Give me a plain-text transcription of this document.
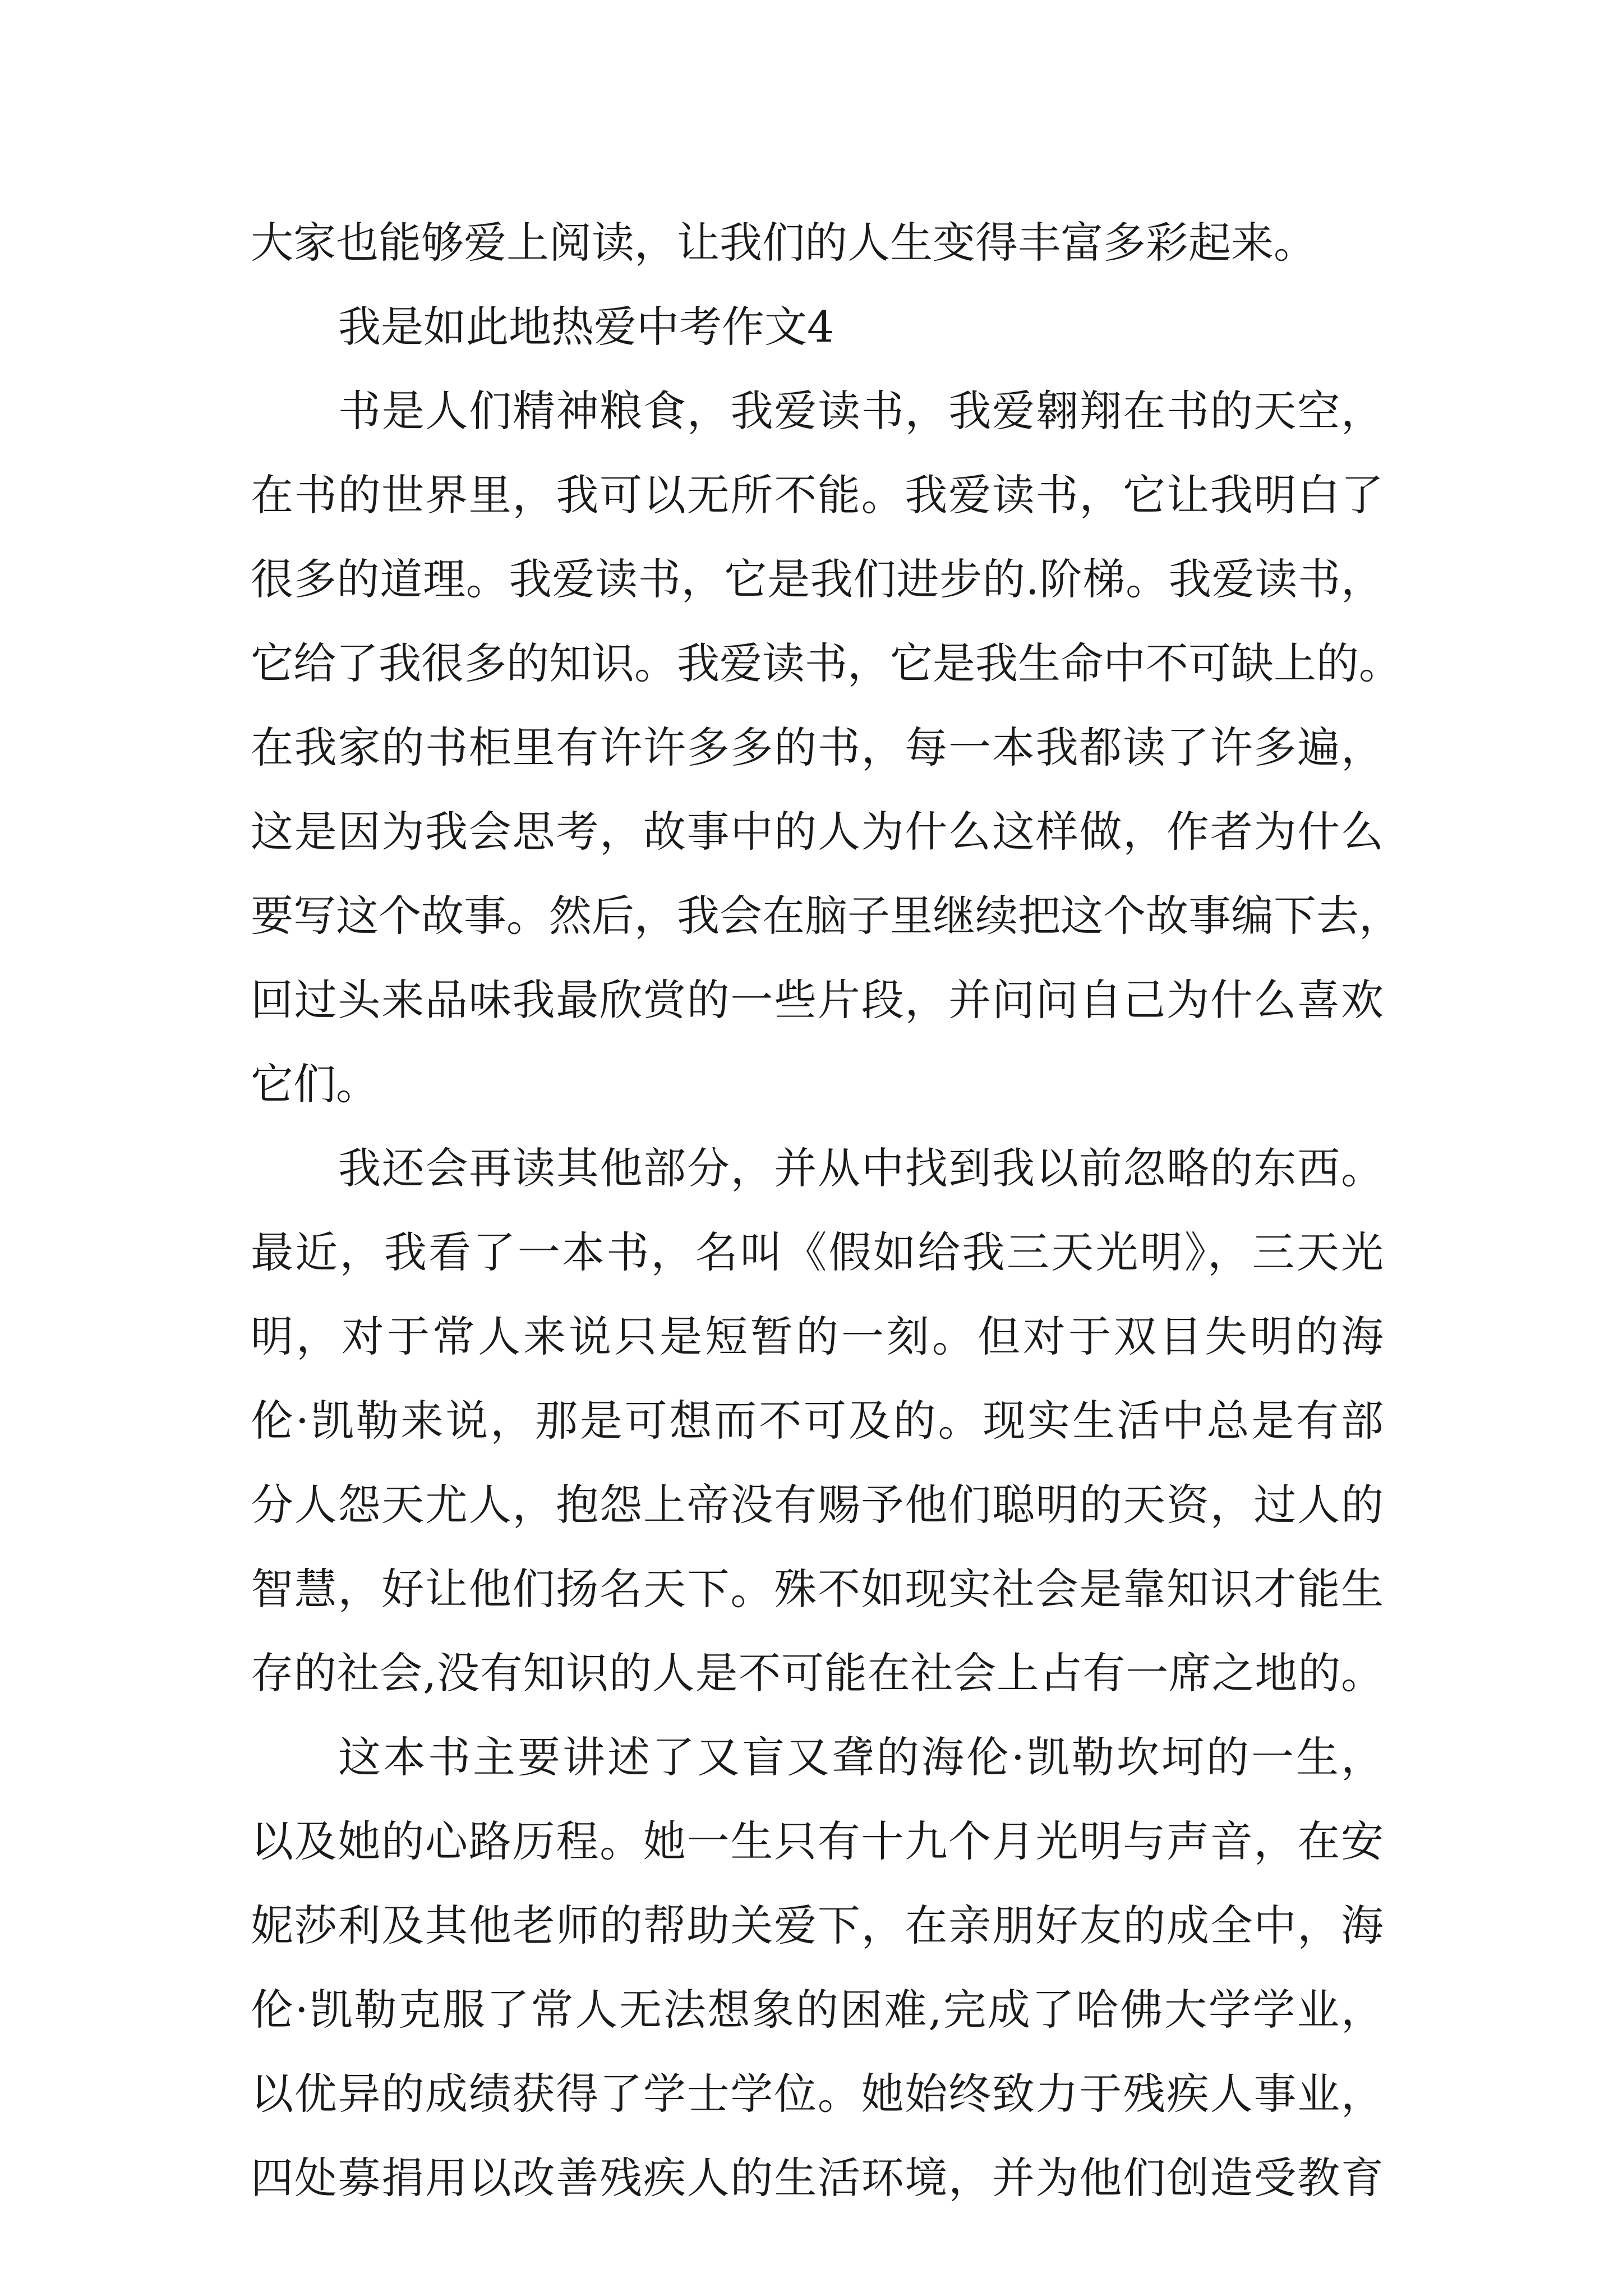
大家也能够爱上阅读，让我们的人生变得丰富多彩起来。

我是如此地热爱中考作文4

书是人们精神粮食，我爱读书，我爱翱翔在书的天空，

在书的世界里，我可以无所不能。我爱读书，它让我明白了

很多的道理。我爱读书，它是我们进步的.阶梯。我爱读书，

它给了我很多的知识。我爱读书，它是我生命中不可缺上的。

在我家的书柜里有许许多多的书，每一本我都读了许多遍，

这是因为我会思考，故事中的人为什么这样做，作者为什么

要写这个故事。然后，我会在脑子里继续把这个故事编下去，

回过头来品味我最欣赏的一些片段，并问问自己为什么喜欢

它们。

我还会再读其他部分，并从中找到我以前忽略的东西。

最近，我看了一本书，名叫《假如给我三天光明》，三天光

明，对于常人来说只是短暂的一刻。但对于双目失明的海

伦·凯勒来说，那是可想而不可及的。现实生活中总是有部

分人怨天尤人，抱怨上帝没有赐予他们聪明的天资，过人的

智慧，好让他们扬名天下。殊不如现实社会是靠知识才能生

存的社会,没有知识的人是不可能在社会上占有一席之地的。

这本书主要讲述了又盲又聋的海伦·凯勒坎坷的一生，

以及她的心路历程。她一生只有十九个月光明与声音，在安

妮莎利及其他老师的帮助关爱下，在亲朋好友的成全中，海

伦·凯勒克服了常人无法想象的困难,完成了哈佛大学学业，

以优异的成绩获得了学士学位。她始终致力于残疾人事业，

四处募捐用以改善残疾人的生活环境，并为他们创造受教育
